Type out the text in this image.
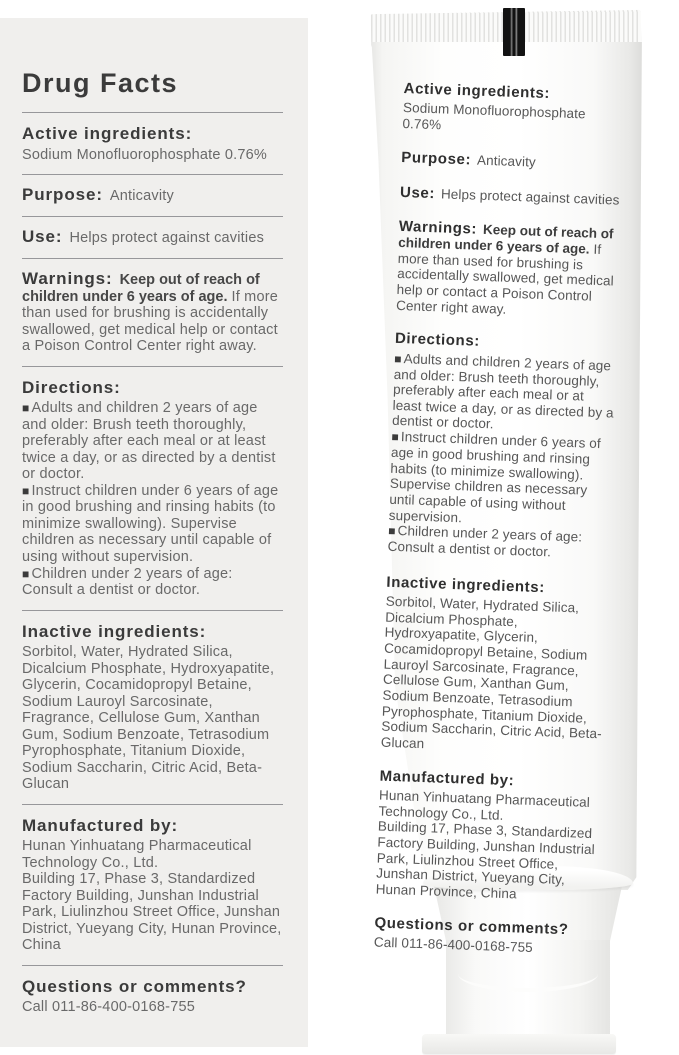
Drug Facts
Active ingredients:
Sodium Monofluorophosphate 0.76%
Purpose: Anticavity
Use: Helps protect against cavities
Warnings: Keep out of reach of children under 6 years of age. If more than used for brushing is accidentally swallowed, get medical help or contact a Poison Control Center right away.
Directions:

■ Adults and children 2 years of age and older: Brush teeth thoroughly, preferably after each meal or at least twice a day, or as directed by a dentist or doctor.

■ Instruct children under 6 years of age in good brushing and rinsing habits (to minimize swallowing). Supervise children as necessary until capable of using without supervision.

■ Children under 2 years of age: Consult a dentist or doctor.

Inactive ingredients:
Sorbitol, Water, Hydrated Silica, Dicalcium Phosphate, Hydroxyapatite, Glycerin, Cocamidopropyl Betaine, Sodium Lauroyl Sarcosinate, Fragrance, Cellulose Gum, Xanthan Gum, Sodium Benzoate, Tetrasodium Pyrophosphate, Titanium Dioxide, Sodium Saccharin, Citric Acid, Beta-Glucan
Manufactured by:

Hunan Yinhuatang Pharmaceutical Technology Co., Ltd.

Building 17, Phase 3, Standardized Factory Building, Junshan Industrial Park, Liulinzhou Street Office, Junshan District, Yueyang City, Hunan Province, China

Questions or comments?
Call 011-86-400-0168-755
Active ingredients:
Sodium Monofluorophosphate 0.76%
Purpose: Anticavity
Use: Helps protect against cavities
Warnings: Keep out of reach of children under 6 years of age. If more than used for brushing is accidentally swallowed, get medical help or contact a Poison Control Center right away.
Directions:

■ Adults and children 2 years of age and older: Brush teeth thoroughly, preferably after each meal or at least twice a day, or as directed by a dentist or doctor.

■ Instruct children under 6 years of age in good brushing and rinsing habits (to minimize swallowing). Supervise children as necessary until capable of using without supervision.

■ Children under 2 years of age: Consult a dentist or doctor.

Inactive ingredients:
Sorbitol, Water, Hydrated Silica, Dicalcium Phosphate, Hydroxyapatite, Glycerin, Cocamidopropyl Betaine, Sodium Lauroyl Sarcosinate, Fragrance, Cellulose Gum, Xanthan Gum, Sodium Benzoate, Tetrasodium Pyrophosphate, Titanium Dioxide, Sodium Saccharin, Citric Acid, Beta-Glucan
Manufactured by:

Hunan Yinhuatang Pharmaceutical Technology Co., Ltd.

Building 17, Phase 3, Standardized Factory Building, Junshan Industrial Park, Liulinzhou Street Office, Junshan District, Yueyang City, Hunan Province, China

Questions or comments?
Call 011-86-400-0168-755
